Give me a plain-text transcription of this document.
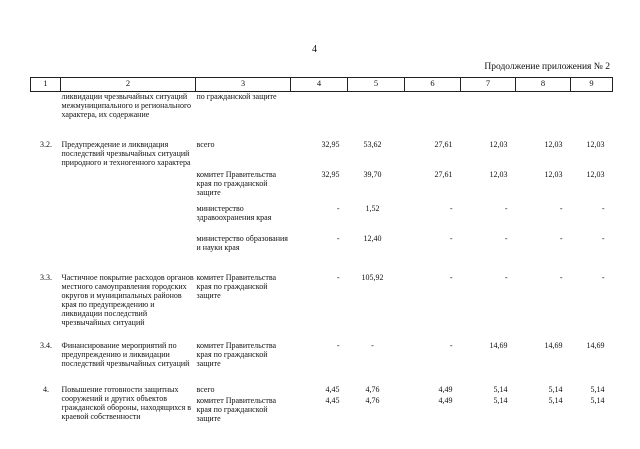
4
Продолжение приложения № 2
1	2	3	4	5	6	7	8	9
	ликвидации чрезвычайных ситуаций межмуниципального и регионального характера, их содержание	по гражданской защите						

3.2.	Предупреждение и ликвидация последствий чрезвычайных ситуаций природного и техногенного характера	всего	32,95	53,62	27,61	12,03	12,03	12,03
		комитет Правительства края по гражданской защите	32,95	39,70	27,61	12,03	12,03	12,03
		министерство здравоохранения края	-	1,52	-	-	-	-
		министерство образования и науки края	-	12,40	-	-	-	-

3.3.	Частичное покрытие расходов органов местного самоуправления городских округов и муниципальных районов края по предупреждению и ликвидации последствий чрезвычайных ситуаций	комитет Правительства края по гражданской защите	-	105,92	-	-	-	-

3.4.	Финансирование мероприятий по предупреждению и ликвидации последствий чрезвычайных ситуаций	комитет Правительства края по гражданской защите	-	-	-	14,69	14,69	14,69

4.	Повышение готовности защитных сооружений и других объектов гражданской обороны, находящихся в краевой собственности	всего	4,45	4,76	4,49	5,14	5,14	5,14
		комитет Правительства края по гражданской защите	4,45	4,76	4,49	5,14	5,14	5,14
